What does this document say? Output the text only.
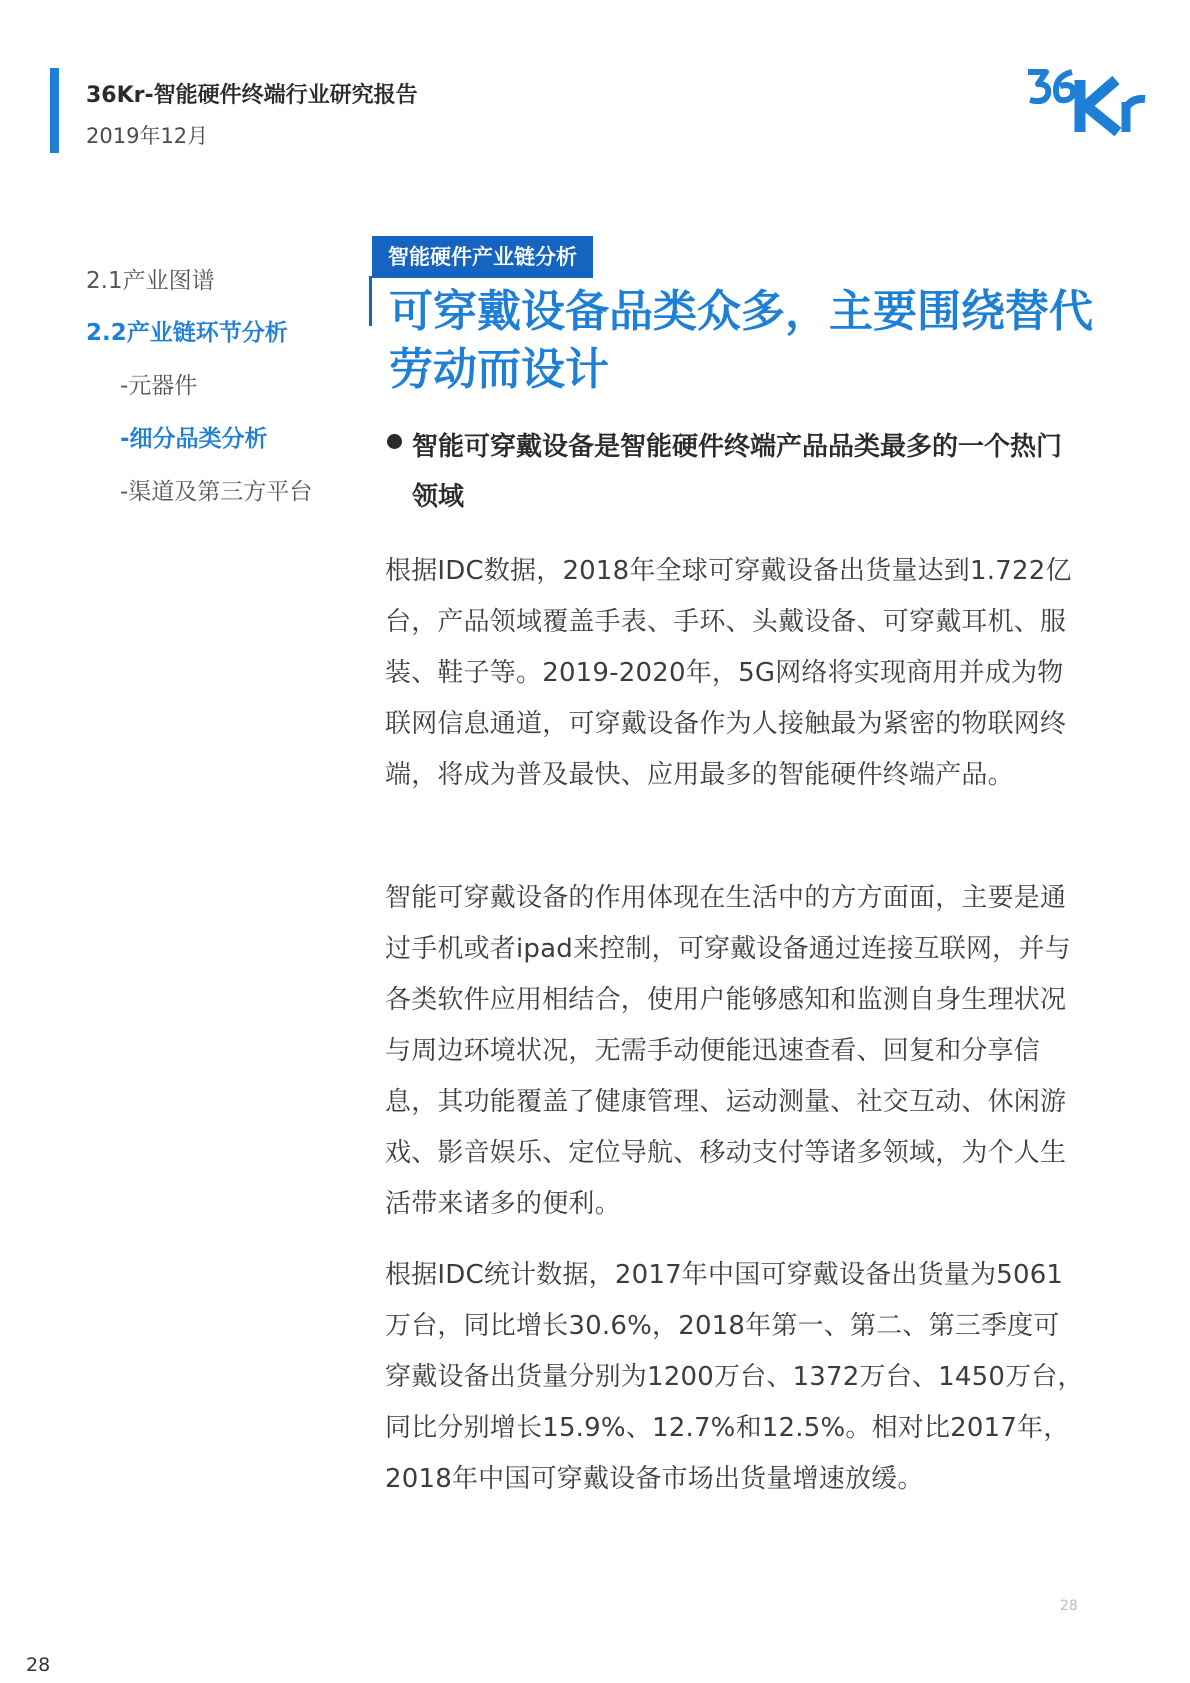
36Kr-智能硬件终端行业研究报告
2019年12月
2.1产业图谱
2.2产业链环节分析
-元器件
-细分品类分析
-渠道及第三方平台
智能硬件产业链分析
可穿戴设备品类众多，主要围绕替代劳动而设计
智能可穿戴设备是智能硬件终端产品品类最多的一个热门领域
根据IDC数据，2018年全球可穿戴设备出货量达到1.722亿台，产品领域覆盖手表、手环、头戴设备、可穿戴耳机、服装、鞋子等。2019-2020年，5G网络将实现商用并成为物联网信息通道，可穿戴设备作为人接触最为紧密的物联网终端，将成为普及最快、应用最多的智能硬件终端产品。
智能可穿戴设备的作用体现在生活中的方方面面，主要是通过手机或者ipad来控制，可穿戴设备通过连接互联网，并与各类软件应用相结合，使用户能够感知和监测自身生理状况与周边环境状况，无需手动便能迅速查看、回复和分享信息，其功能覆盖了健康管理、运动测量、社交互动、休闲游戏、影音娱乐、定位导航、移动支付等诸多领域，为个人生活带来诸多的便利。
根据IDC统计数据，2017年中国可穿戴设备出货量为5061万台，同比增长30.6%，2018年第一、第二、第三季度可穿戴设备出货量分别为1200万台、1372万台、1450万台，同比分别增长15.9%、12.7%和12.5%。相对比2017年，2018年中国可穿戴设备市场出货量增速放缓。
28
28
